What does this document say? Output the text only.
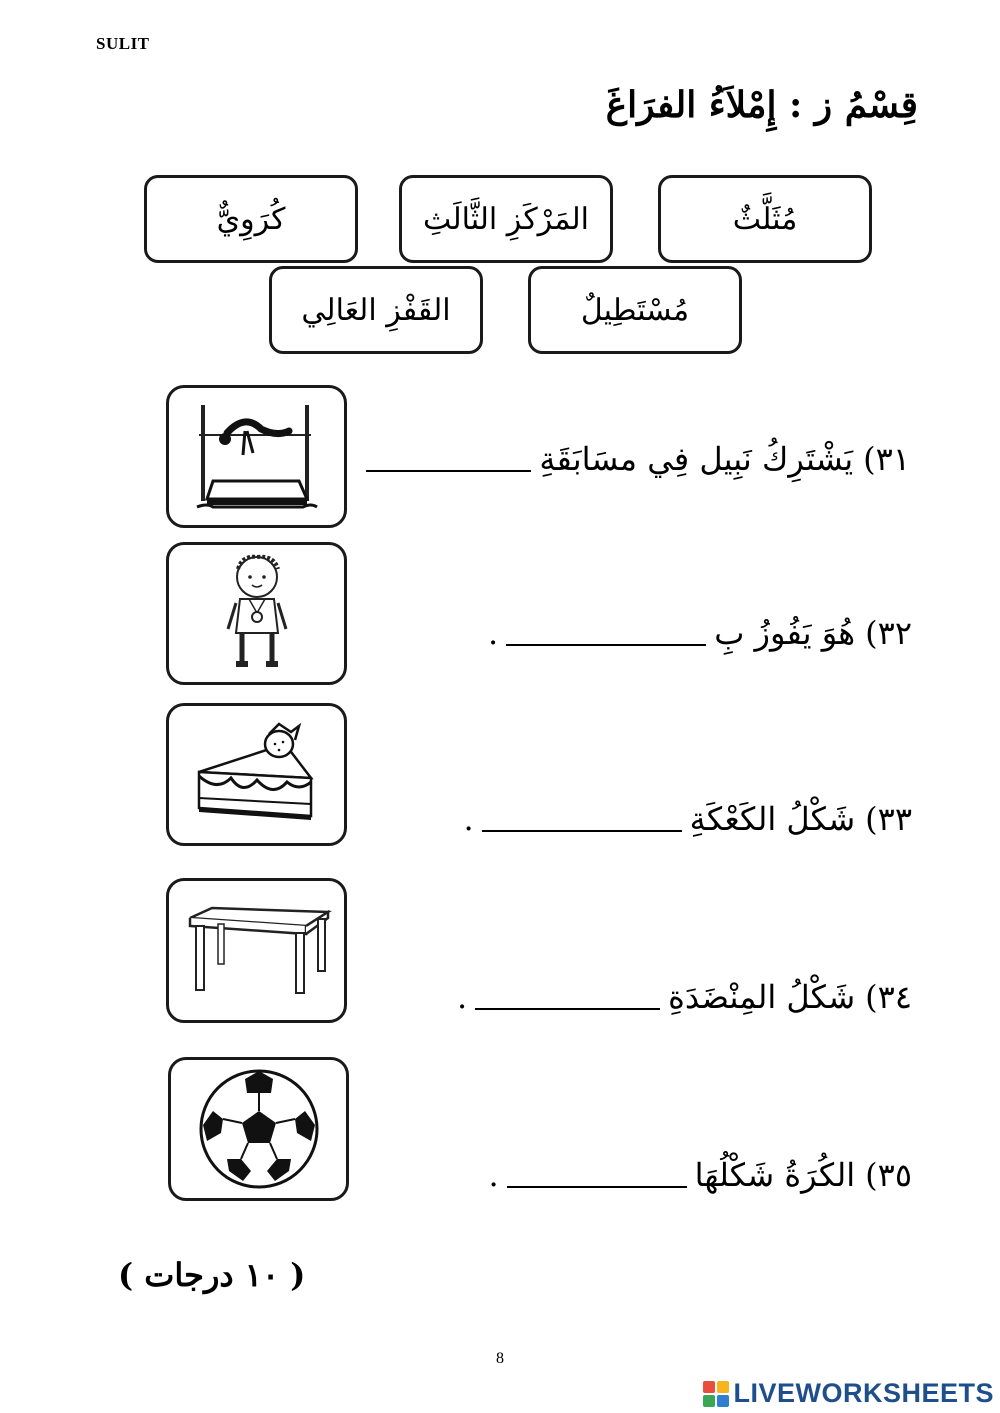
SULIT
قِسْمُ ز : إِمْلاَءُ الفرَاغَ
مُثَلَّثٌ
المَرْكَزِ الثَّالَثِ
كُرَوِيٌّ
مُسْتَطِيلٌ
القَفْزِ العَالِي
٣١)
يَشْتَرِكُ نَبِيل فِي مسَابَقَةِ
٣٢)
هُوَ يَفُوزُ بِ
.
٣٣)
شَكْلُ الكَعْكَةِ
.
٣٤)
شَكْلُ المِنْضَدَةِ
.
٣٥)
الكُرَةُ شَكْلُهَا
.
( ١٠ درجات )
8
LIVEWORKSHEETS
